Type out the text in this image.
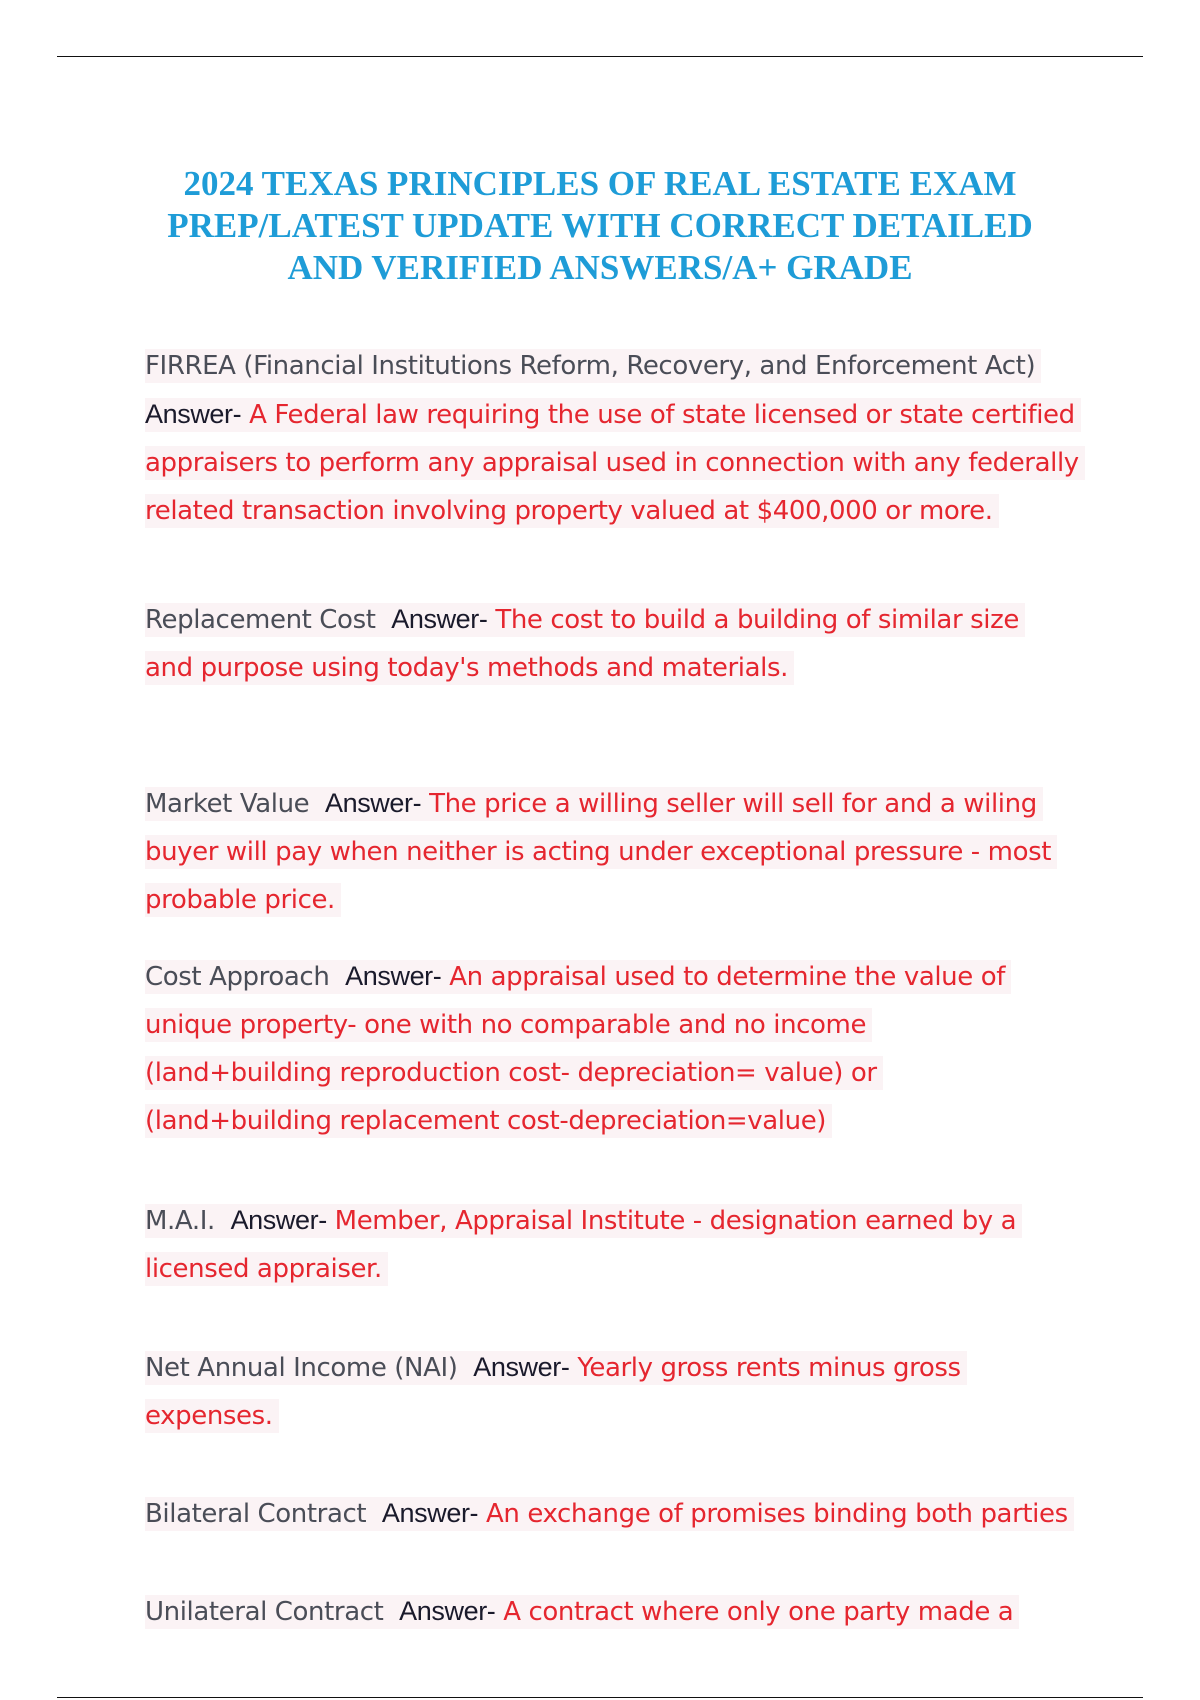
2024 TEXAS PRINCIPLES OF REAL ESTATE EXAM
PREP/LATEST UPDATE WITH CORRECT DETAILED
AND VERIFIED ANSWERS/A+ GRADE
FIRREA (Financial Institutions Reform, Recovery, and Enforcement Act)
Answer- A Federal law requiring the use of state licensed or state certified
appraisers to perform any appraisal used in connection with any federally
related transaction involving property valued at $400,000 or more.
Replacement Cost Answer- The cost to build a building of similar size
and purpose using today's methods and materials.
Market Value Answer- The price a willing seller will sell for and a wiling
buyer will pay when neither is acting under exceptional pressure - most
probable price.
Cost Approach Answer- An appraisal used to determine the value of
unique property- one with no comparable and no income
(land+building reproduction cost- depreciation= value) or
(land+building replacement cost-depreciation=value)
M.A.I. Answer- Member, Appraisal Institute - designation earned by a
licensed appraiser.
Net Annual Income (NAI) Answer- Yearly gross rents minus gross
expenses.
Bilateral Contract Answer- An exchange of promises binding both parties
Unilateral Contract Answer- A contract where only one party made a
